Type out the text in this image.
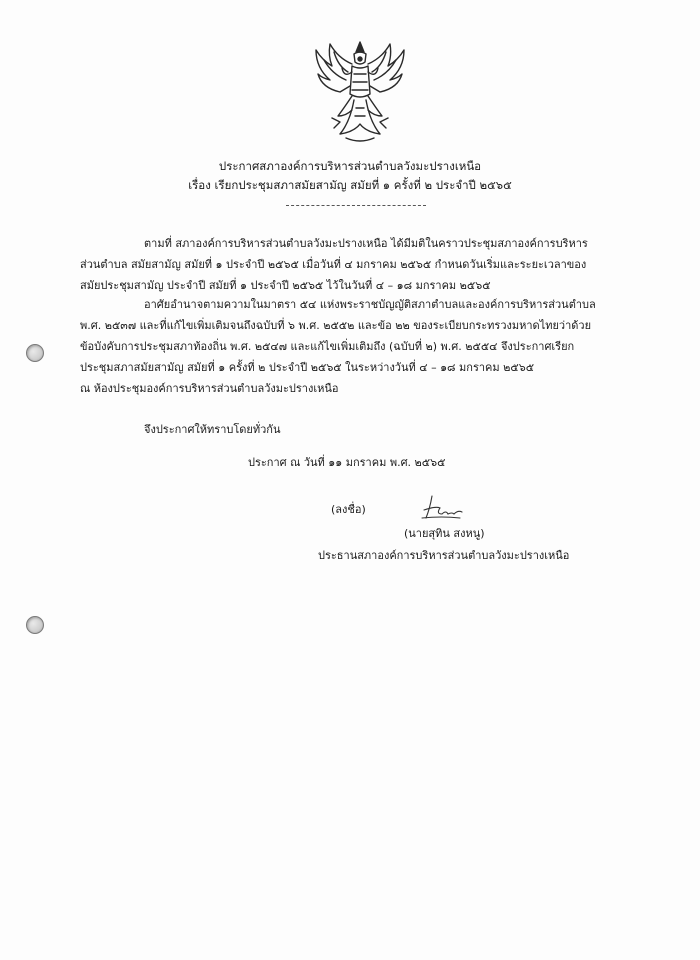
ประกาศสภาองค์การบริหารส่วนตำบลวังมะปรางเหนือ
เรื่อง เรียกประชุมสภาสมัยสามัญ สมัยที่ ๑ ครั้งที่ ๒ ประจำปี ๒๕๖๕
ตามที่ สภาองค์การบริหารส่วนตำบลวังมะปรางเหนือ ได้มีมติในคราวประชุมสภาองค์การบริหาร
ส่วนตำบล สมัยสามัญ สมัยที่ ๑ ประจำปี ๒๕๖๕ เมื่อวันที่ ๔ มกราคม ๒๕๖๕ กำหนดวันเริ่มและระยะเวลาของ
สมัยประชุมสามัญ ประจำปี สมัยที่ ๑ ประจำปี ๒๕๖๕ ไว้ในวันที่ ๔ – ๑๘ มกราคม ๒๕๖๕
อาศัยอำนาจตามความในมาตรา ๕๔ แห่งพระราชบัญญัติสภาตำบลและองค์การบริหารส่วนตำบล
พ.ศ. ๒๕๓๗ และที่แก้ไขเพิ่มเติมจนถึงฉบับที่ ๖ พ.ศ. ๒๕๕๒ และข้อ ๒๒ ของระเบียบกระทรวงมหาดไทยว่าด้วย
ข้อบังคับการประชุมสภาท้องถิ่น พ.ศ. ๒๕๔๗ และแก้ไขเพิ่มเติมถึง (ฉบับที่ ๒) พ.ศ. ๒๕๕๔ จึงประกาศเรียก
ประชุมสภาสมัยสามัญ สมัยที่ ๑ ครั้งที่ ๒ ประจำปี ๒๕๖๕ ในระหว่างวันที่ ๔ – ๑๘ มกราคม ๒๕๖๕
ณ ห้องประชุมองค์การบริหารส่วนตำบลวังมะปรางเหนือ
จึงประกาศให้ทราบโดยทั่วกัน
ประกาศ ณ วันที่ ๑๑ มกราคม พ.ศ. ๒๕๖๕
(ลงชื่อ)
(นายสุทิน สงหนู)
ประธานสภาองค์การบริหารส่วนตำบลวังมะปรางเหนือ
